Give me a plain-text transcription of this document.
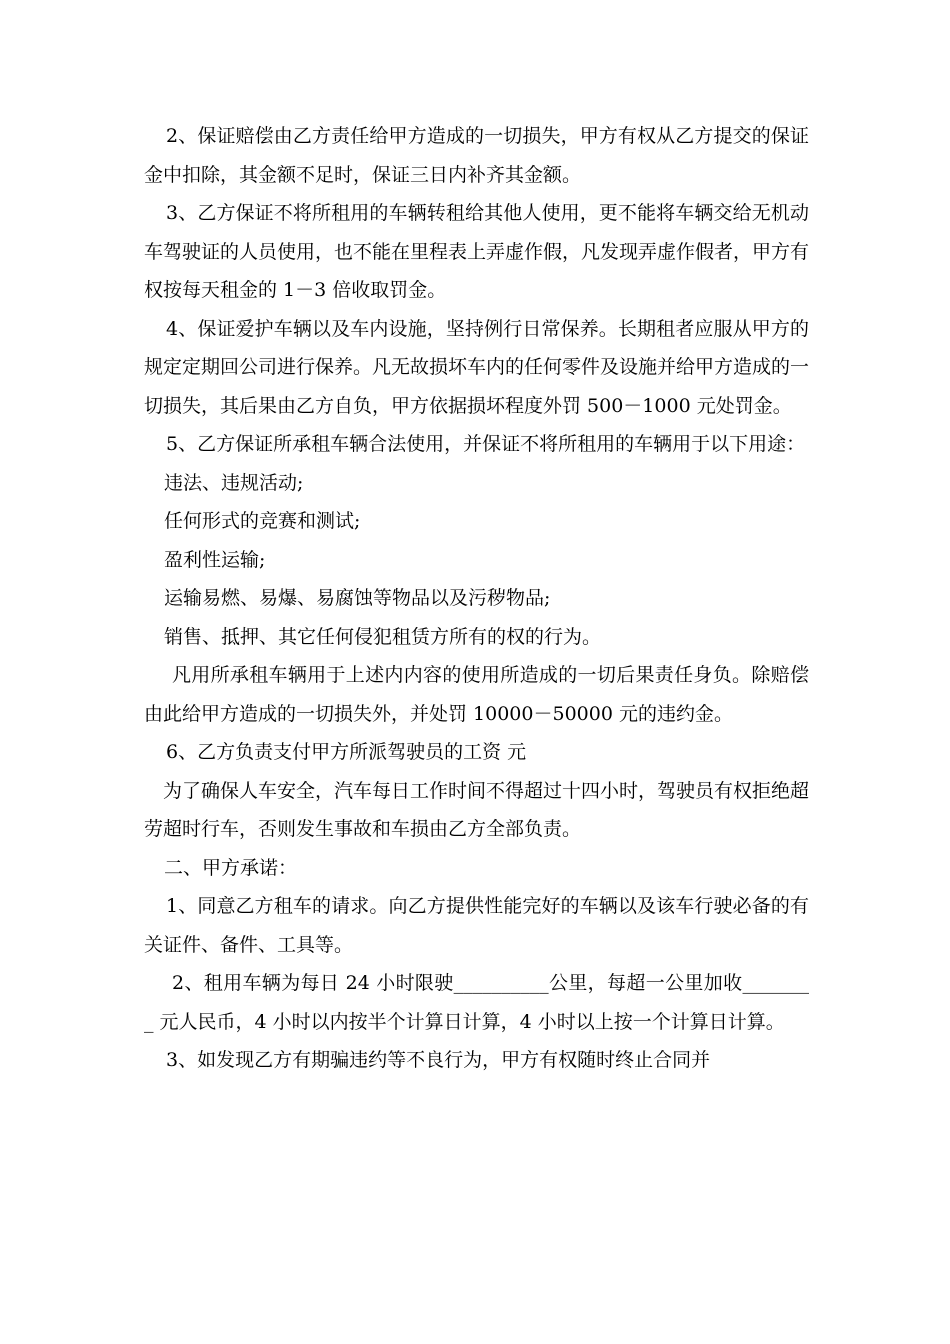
2、保证赔偿由乙方责任给甲方造成的一切损失，甲方有权从乙方提交的保证金中扣除，其金额不足时，保证三日内补齐其金额。

3、乙方保证不将所租用的车辆转租给其他人使用，更不能将车辆交给无机动车驾驶证的人员使用，也不能在里程表上弄虚作假，凡发现弄虚作假者，甲方有权按每天租金的 1－3 倍收取罚金。

4、保证爱护车辆以及车内设施，坚持例行日常保养。长期租者应服从甲方的规定定期回公司进行保养。凡无故损坏车内的任何零件及设施并给甲方造成的一切损失，其后果由乙方自负，甲方依据损坏程度外罚 500－1000 元处罚金。

5、乙方保证所承租车辆合法使用，并保证不将所租用的车辆用于以下用途：

违法、违规活动;

任何形式的竞赛和测试;

盈利性运输;

运输易燃、易爆、易腐蚀等物品以及污秽物品;

销售、抵押、其它任何侵犯租赁方所有的权的行为。

凡用所承租车辆用于上述内内容的使用所造成的一切后果责任身负。除赔偿由此给甲方造成的一切损失外，并处罚 10000－50000 元的违约金。

6、乙方负责支付甲方所派驾驶员的工资 元

为了确保人车安全，汽车每日工作时间不得超过十四小时，驾驶员有权拒绝超劳超时行车，否则发生事故和车损由乙方全部负责。

二、甲方承诺：

1、同意乙方租车的请求。向乙方提供性能完好的车辆以及该车行驶必备的有关证件、备件、工具等。

2、租用车辆为每日 24 小时限驶__________公里，每超一公里加收________ 元人民币，4 小时以内按半个计算日计算，4 小时以上按一个计算日计算。

3、如发现乙方有期骗违约等不良行为，甲方有权随时终止合同并
